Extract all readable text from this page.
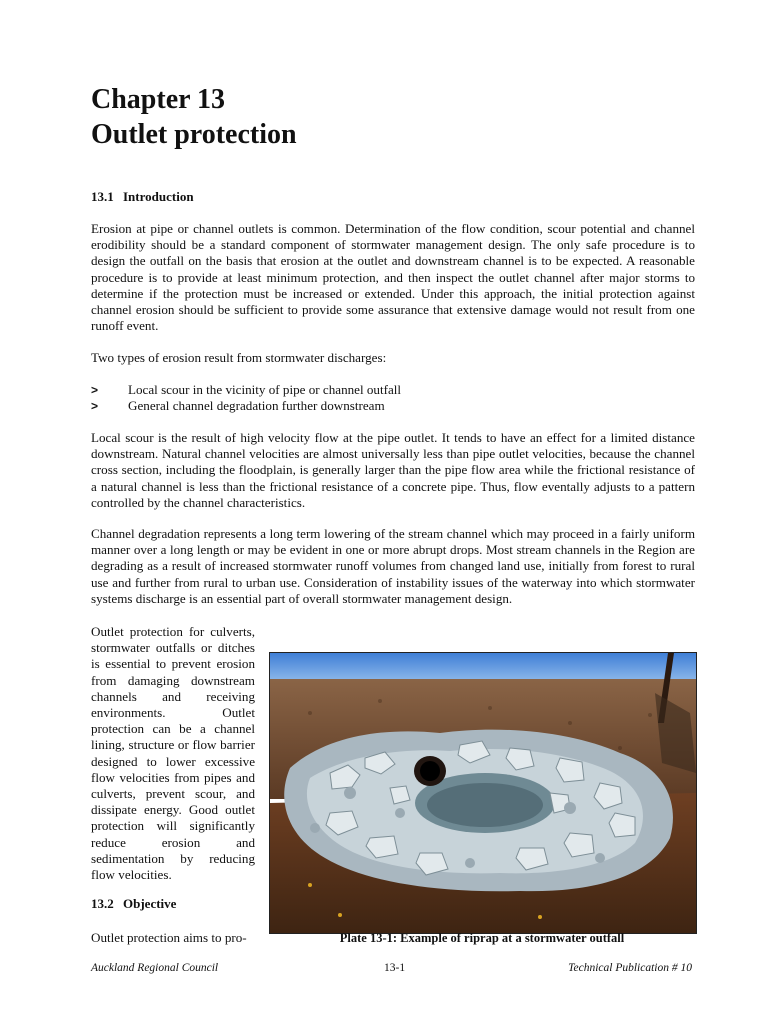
Chapter 13
Outlet protection
13.1 Introduction

Erosion at pipe or channel outlets is common. Determination of the flow condition, scour potential and channel erodibility should be a standard component of stormwater management design. The only safe procedure is to design the outfall on the basis that erosion at the outlet and downstream channel is to be expected. A reasonable procedure is to provide at least minimum protection, and then inspect the outlet channel after major storms to determine if the protection must be increased or extended. Under this approach, the initial protection against channel erosion should be sufficient to provide some assurance that extensive damage would not result from one runoff event.

Two types of erosion result from stormwater discharges:

>	Local scour in the vicinity of pipe or channel outfall
>	General channel degradation further downstream

Local scour is the result of high velocity flow at the pipe outlet. It tends to have an effect for a limited distance downstream. Natural channel velocities are almost universally less than pipe outlet velocities, because the channel cross section, including the floodplain, is generally larger than the pipe flow area while the frictional resistance of a natural channel is less than the frictional resistance of a concrete pipe. Thus, flow eventally adjusts to a pattern controlled by the channel characteristics.

Channel degradation represents a long term lowering of the stream channel which may proceed in a fairly uniform manner over a long length or may be evident in one or more abrupt drops. Most stream channels in the Region are degrading as a result of increased stormwater runoff volumes from changed land use, initially from forest to rural use and further from rural to urban use. Consideration of instability issues of the waterway into which stormwater systems discharge is an essential part of overall stormwater management design.

Outlet protection for culverts, stormwater outfalls or ditches is essential to prevent erosion from damaging downstream channels and receiving environments. Outlet protection can be a channel lining, structure or flow barrier designed to lower excessive flow velocities from pipes and culverts, prevent scour, and dissipate energy. Good outlet protection will significantly reduce erosion and sedimentation by reducing flow velocities.

13.2 Objective

Outlet protection aims to pro-	Plate 13-1: Example of riprap at a stormwater outfall

Auckland Regional Council	13-1	Technical Publication # 10
